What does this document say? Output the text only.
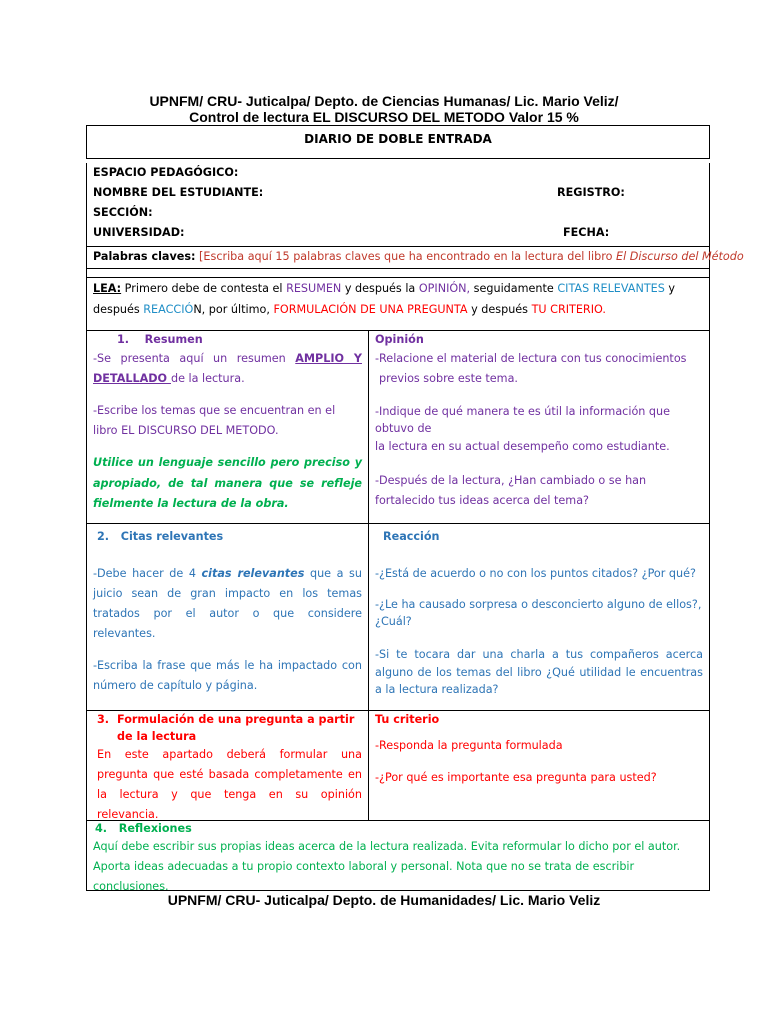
UPNFM/ CRU- Juticalpa/ Depto. de Ciencias Humanas/ Lic. Mario Veliz/
Control de lectura EL DISCURSO DEL METODO Valor 15 %
DIARIO DE DOBLE ENTRADA
ESPACIO PEDAGÓGICO:
NOMBRE DEL ESTUDIANTE:	REGISTRO:
SECCIÓN:
UNIVERSIDAD:	FECHA:
Palabras claves: [Escriba aquí 15 palabras claves que ha encontrado en la lectura del libro El Discurso del Método
LEA: Primero debe de contesta el RESUMEN y después la OPINIÓN, seguidamente CITAS RELEVANTES y después REACCIÓN, por último, FORMULACIÓN DE UNA PREGUNTA y después TU CRITERIO.

1. Resumen

-Se presenta aquí un resumen AMPLIO Y DETALLADO de la lectura.

-Escribe los temas que se encuentran en el libro EL DISCURSO DEL METODO.

Utilice un lenguaje sencillo pero preciso y apropiado, de tal manera que se refleje fielmente la lectura de la obra.

Opinión

-Relacione el material de lectura con tus conocimientos

previos sobre este tema.

-Indique de qué manera te es útil la información que obtuvo de

la lectura en su actual desempeño como estudiante.

-Después de la lectura, ¿Han cambiado o se han fortalecido tus ideas acerca del tema?

2. Citas relevantes

-Debe hacer de 4 citas relevantes que a su juicio sean de gran impacto en los temas tratados por el autor o que considere relevantes.

-Escriba la frase que más le ha impactado con número de capítulo y página.

Reacción

-¿Está de acuerdo o no con los puntos citados? ¿Por qué?

-¿Le ha causado sorpresa o desconcierto alguno de ellos?, ¿Cuál?

-Si te tocara dar una charla a tus compañeros acerca alguno de los temas del libro ¿Qué utilidad le encuentras a la lectura realizada?

3. Formulación de una pregunta a partir de la lectura

En este apartado deberá formular una pregunta que esté basada completamente en la lectura y que tenga en su opinión relevancia.

Tu criterio

-Responda la pregunta formulada

-¿Por qué es importante esa pregunta para usted?

4. Reflexiones

Aquí debe escribir sus propias ideas acerca de la lectura realizada. Evita reformular lo dicho por el autor. Aporta ideas adecuadas a tu propio contexto laboral y personal. Nota que no se trata de escribir conclusiones.

UPNFM/ CRU- Juticalpa/ Depto. de Humanidades/ Lic. Mario Veliz
